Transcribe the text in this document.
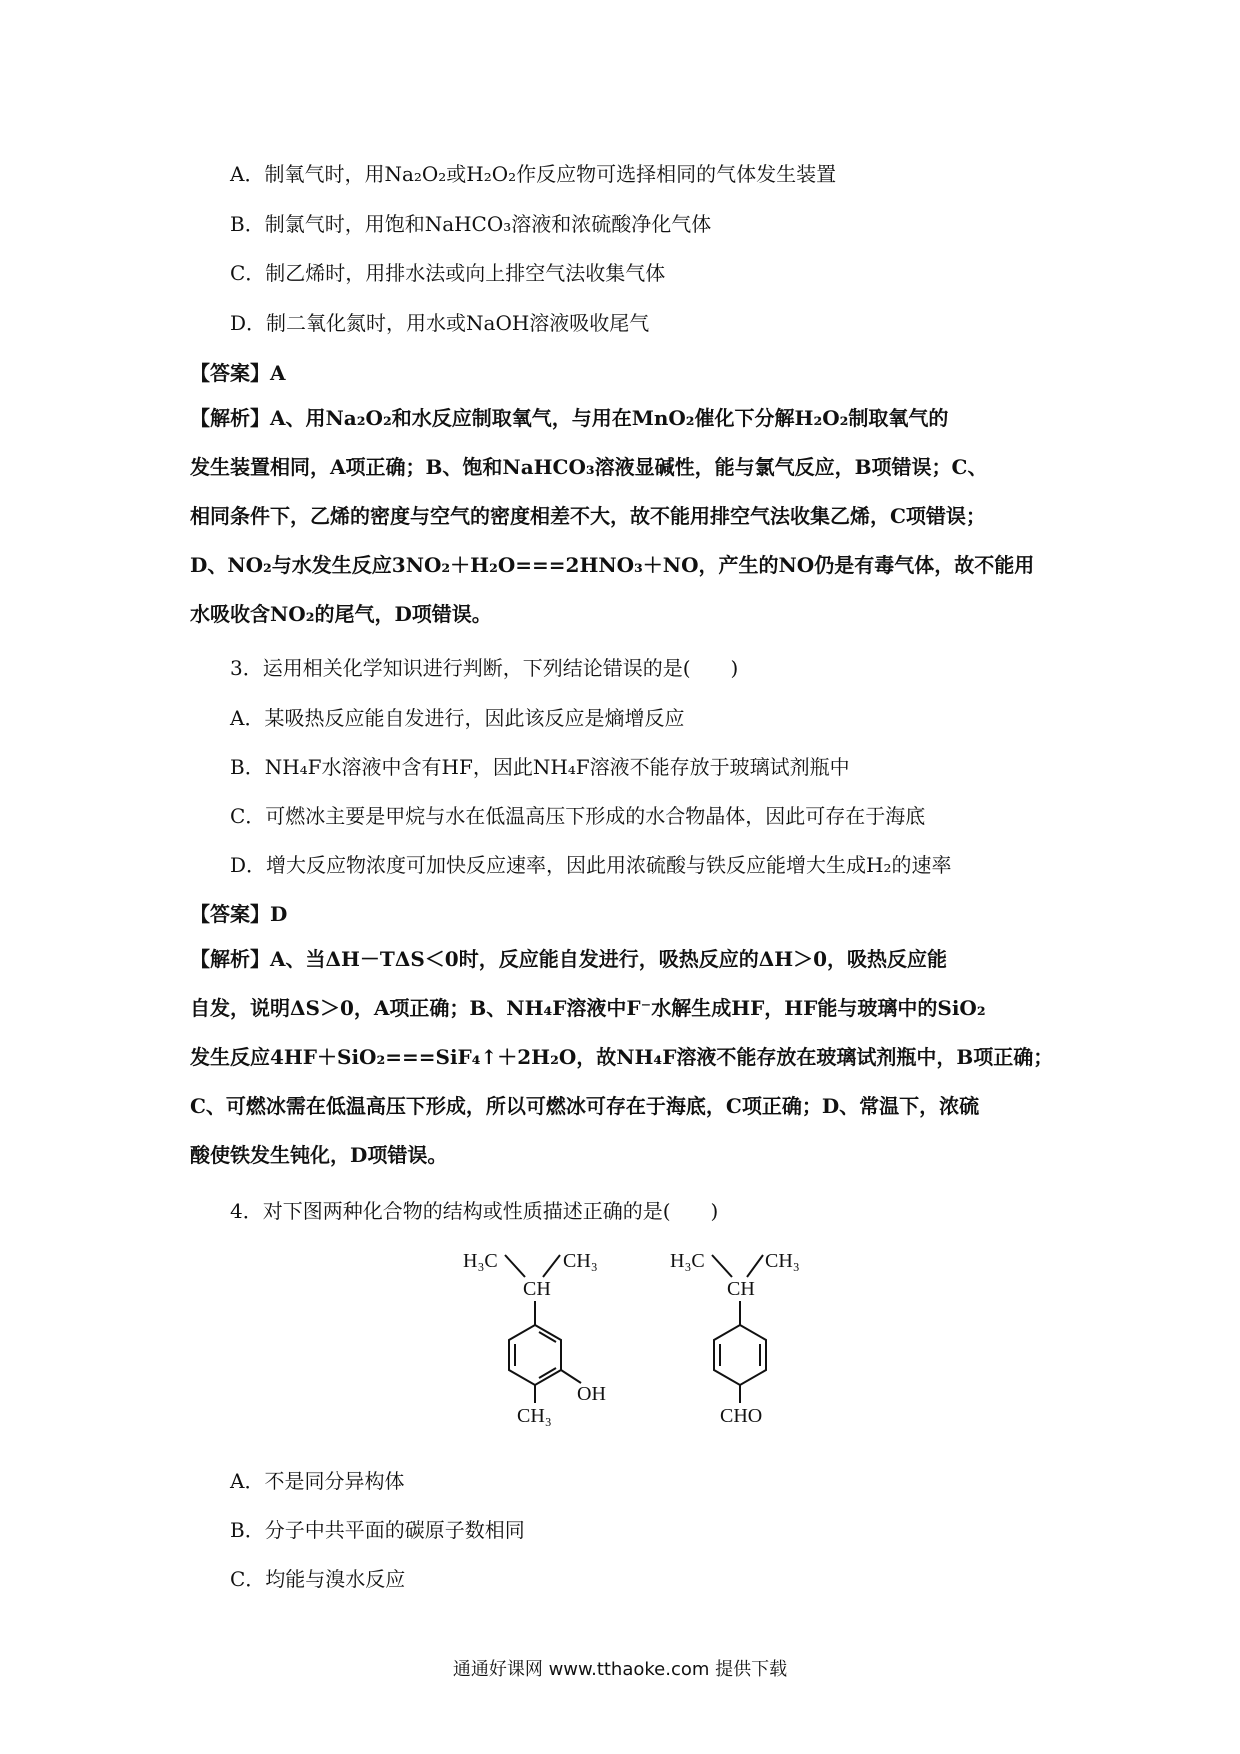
A．制氧气时，用Na₂O₂或H₂O₂作反应物可选择相同的气体发生装置
B．制氯气时，用饱和NaHCO₃溶液和浓硫酸净化气体
C．制乙烯时，用排水法或向上排空气法收集气体
D．制二氧化氮时，用水或NaOH溶液吸收尾气
【答案】A
【解析】A、用Na₂O₂和水反应制取氧气，与用在MnO₂催化下分解H₂O₂制取氧气的
发生装置相同，A项正确；B、饱和NaHCO₃溶液显碱性，能与氯气反应，B项错误；C、
相同条件下，乙烯的密度与空气的密度相差不大，故不能用排空气法收集乙烯，C项错误；
D、NO₂与水发生反应3NO₂＋H₂O===2HNO₃＋NO，产生的NO仍是有毒气体，故不能用
水吸收含NO₂的尾气，D项错误。
3．运用相关化学知识进行判断，下列结论错误的是(　　)
A．某吸热反应能自发进行，因此该反应是熵增反应
B．NH₄F水溶液中含有HF，因此NH₄F溶液不能存放于玻璃试剂瓶中
C．可燃冰主要是甲烷与水在低温高压下形成的水合物晶体，因此可存在于海底
D．增大反应物浓度可加快反应速率，因此用浓硫酸与铁反应能增大生成H₂的速率
【答案】D
【解析】A、当ΔH－TΔS＜0时，反应能自发进行，吸热反应的ΔH＞0，吸热反应能
自发，说明ΔS＞0，A项正确；B、NH₄F溶液中F⁻水解生成HF，HF能与玻璃中的SiO₂
发生反应4HF＋SiO₂===SiF₄↑＋2H₂O，故NH₄F溶液不能存放在玻璃试剂瓶中，B项正确；
C、可燃冰需在低温高压下形成，所以可燃冰可存在于海底，C项正确；D、常温下，浓硫
酸使铁发生钝化，D项错误。
4．对下图两种化合物的结构或性质描述正确的是(　　)
H₃C	CH₃
CH
OH
CH₃
H₃C	CH₃
CH
CHO
A．不是同分异构体
B．分子中共平面的碳原子数相同
C．均能与溴水反应
通通好课网 www.tthaoke.com 提供下载
